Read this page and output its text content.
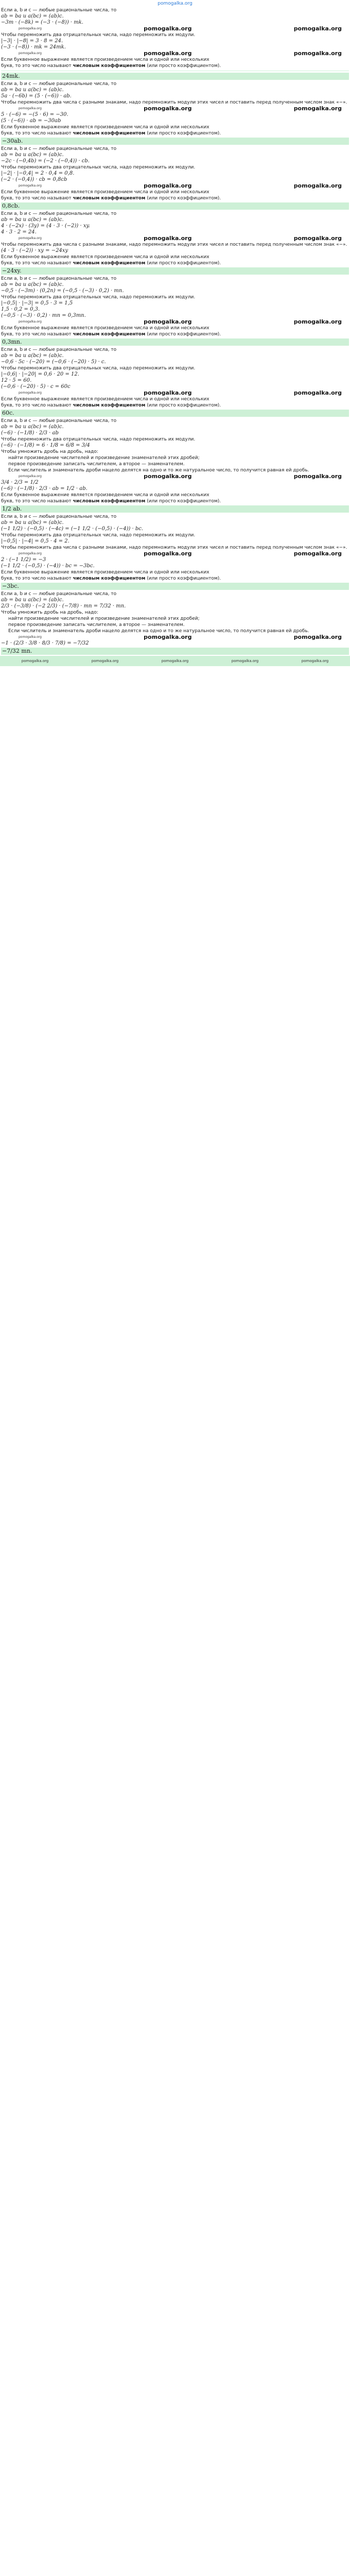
pomogalka.org
Если a, b и c — любые рациональные числа, то
ab = ba и a(bc) = (ab)c.
−3m · (−8k) = (−3 · (−8)) · mk.
pomogalka.org	pomogalka.org	pomogalka.org
Чтобы перемножить два отрицательных числа, надо перемножить их модули.
|−3| · |−8| = 3 · 8 = 24.
(−3 · (−8)) · mk = 24mk.
pomogalka.org	pomogalka.org	pomogalka.org
Если буквенное выражение является произведением числа и одной или нескольких
букв, то это число называют числовым коэффициентом (или просто коэффициентом).
24mk.
Если a, b и c — любые рациональные числа, то
ab = ba и a(bc) = (ab)c.
5a · (−6b) = (5 · (−6)) · ab.
Чтобы перемножить два числа с разными знаками, надо перемножить модули этих чисел и поставить перед полученным числом знак «−».
pomogalka.org	pomogalka.org	pomogalka.org
5 · (−6) = −(5 · 6) = −30.
(5 · (−6)) · ab = −30ab
Если буквенное выражение является произведением числа и одной или нескольких
букв, то это число называют числовым коэффициентом (или просто коэффициентом).
−30ab.
Если a, b и c — любые рациональные числа, то
ab = ba и a(bc) = (ab)c.
−2c · (−0,4b) = (−2 · (−0,4)) · cb.
Чтобы перемножить два отрицательных числа, надо перемножить их модули.
|−2| · |−0,4| = 2 · 0,4 = 0,8.
(−2 · (−0,4)) · cb = 0,8cb
pomogalka.org	pomogalka.org	pomogalka.org
Если буквенное выражение является произведением числа и одной или нескольких
букв, то это число называют числовым коэффициентом (или просто коэффициентом).
0,8cb.
Если a, b и c — любые рациональные числа, то
ab = ba и a(bc) = (ab)c.
4 · (−2x) · (3y) = (4 · 3 · (−2)) · xy.
4 · 3 · 2 = 24.
pomogalka.org	pomogalka.org	pomogalka.org
Чтобы перемножить два числа с разными знаками, надо перемножить модули этих чисел и поставить перед полученным числом знак «−».
(4 · 3 · (−2)) · xy = −24xy
Если буквенное выражение является произведением числа и одной или нескольких
букв, то это число называют числовым коэффициентом (или просто коэффициентом).
−24xy.
Если a, b и c — любые рациональные числа, то
ab = ba и a(bc) = (ab)c.
−0,5 · (−3m) · (0,2n) = (−0,5 · (−3) · 0,2) · mn.
Чтобы перемножить два отрицательных числа, надо перемножить их модули.
|−0,5| · |−3| = 0,5 · 3 = 1,5
1,5 · 0,2 = 0,3.
(−0,5 · (−3) · 0,2) · mn = 0,3mn.
pomogalka.org	pomogalka.org	pomogalka.org
Если буквенное выражение является произведением числа и одной или нескольких
букв, то это число называют числовым коэффициентом (или просто коэффициентом).
0,3mn.
Если a, b и c — любые рациональные числа, то
ab = ba и a(bc) = (ab)c.
−0,6 · 5c · (−20) = (−0,6 · (−20) · 5) · c.
Чтобы перемножить два отрицательных числа, надо перемножить их модули.
|−0,6| · |−20| = 0,6 · 20 = 12.
12 · 5 = 60.
(−0,6 · (−20) · 5) · c = 60c
pomogalka.org	pomogalka.org	pomogalka.org
Если буквенное выражение является произведением числа и одной или нескольких
букв, то это число называют числовым коэффициентом (или просто коэффициентом).
60c.
Если a, b и c — любые рациональные числа, то
ab = ba и a(bc) = (ab)c.
(−6) · (−1/8) · 2/3 · ab
Чтобы перемножить два отрицательных числа, надо перемножить их модули.
(−6) · (−1/8) = 6 · 1/8 = 6/8 = 3/4
Чтобы умножить дробь на дробь, надо:
найти произведение числителей и произведение знаменателей этих дробей;
первое произведение записать числителем, а второе — знаменателем.
Если числитель и знаменатель дроби нацело делятся на одно и то же натуральное число, то получится равная ей дробь.
pomogalka.org	pomogalka.org	pomogalka.org
3/4 · 2/3 = 1/2
(−6) · (−1/8) · 2/3 · ab = 1/2 · ab.
Если буквенное выражение является произведением числа и одной или нескольких
букв, то это число называют числовым коэффициентом (или просто коэффициентом).
1/2 ab.
Если a, b и c — любые рациональные числа, то
ab = ba и a(bc) = (ab)c.
(−1 1/2) · (−0,5) · (−4c) = (−1 1/2 · (−0,5) · (−4)) · bc.
Чтобы перемножить два отрицательных числа, надо перемножить их модули.
|−0,5| · |−4| = 0,5 · 4 = 2.
Чтобы перемножить два числа с разными знаками, надо перемножить модули этих чисел и поставить перед полученным числом знак «−».
pomogalka.org	pomogalka.org	pomogalka.org
2 · (−1 1/2) = −3
(−1 1/2 · (−0,5) · (−4)) · bc = −3bc.
Если буквенное выражение является произведением числа и одной или нескольких
букв, то это число называют числовым коэффициентом (или просто коэффициентом).
−3bc.
Если a, b и c — любые рациональные числа, то
ab = ba и a(bc) = (ab)c.
2/3 · (−3/8) · (−2 2/3) · (−7/8) · mn = 7/32 · mn.
Чтобы умножить дробь на дробь, надо:
найти произведение числителей и произведение знаменателей этих дробей;
первое произведение записать числителем, а второе — знаменателем.
Если числитель и знаменатель дроби нацело делятся на одно и то же натуральное число, то получится равная ей дробь.
pomogalka.org	pomogalka.org	pomogalka.org
−1 · (2/3 · 3/8 · 8/3 · 7/8) = −7/32
−7/32 mn.
pomogalka.org	pomogalka.org	pomogalka.org	pomogalka.org	pomogalka.org
